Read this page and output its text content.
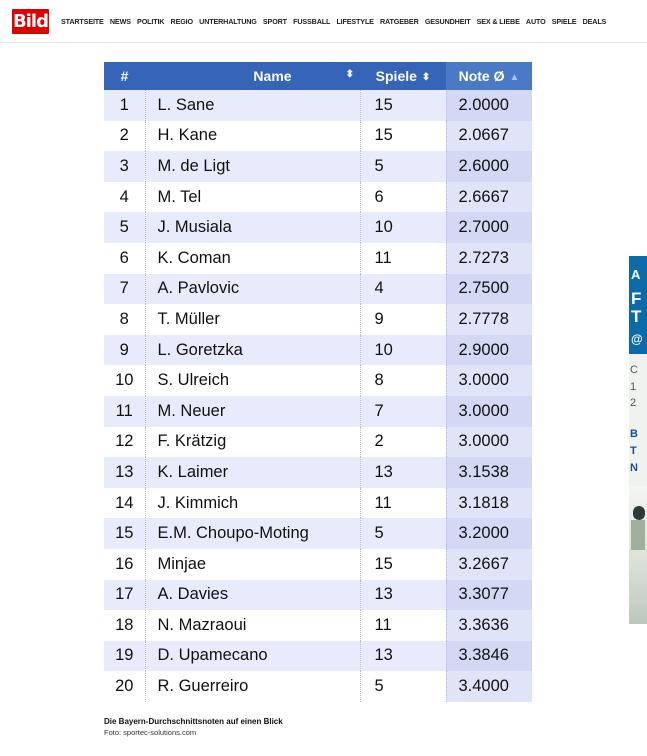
Bild STARTSEITE NEWS POLITIK REGIO UNTERHALTUNG SPORT FUSSBALL LIFESTYLE RATGEBER GESUNDHEIT SEX & LIEBE AUTO SPIELE DEALS
#	Name ⬍	Spiele ⬍	Note Ø ▲
1	L. Sane	15	2.0000
2	H. Kane	15	2.0667
3	M. de Ligt	5	2.6000
4	M. Tel	6	2.6667
5	J. Musiala	10	2.7000
6	K. Coman	11	2.7273
7	A. Pavlovic	4	2.7500
8	T. Müller	9	2.7778
9	L. Goretzka	10	2.9000
10	S. Ulreich	8	3.0000
11	M. Neuer	7	3.0000
12	F. Krätzig	2	3.0000
13	K. Laimer	13	3.1538
14	J. Kimmich	11	3.1818
15	E.M. Choupo-Moting	5	3.2000
16	Minjae	15	3.2667
17	A. Davies	13	3.3077
18	N. Mazraoui	11	3.3636
19	D. Upamecano	13	3.3846
20	R. Guerreiro	5	3.4000
Die Bayern-Durchschnittsnoten auf einen Blick
Foto: sportec-solutions.com
A
F
T
@
C
1
2
B
T
N
